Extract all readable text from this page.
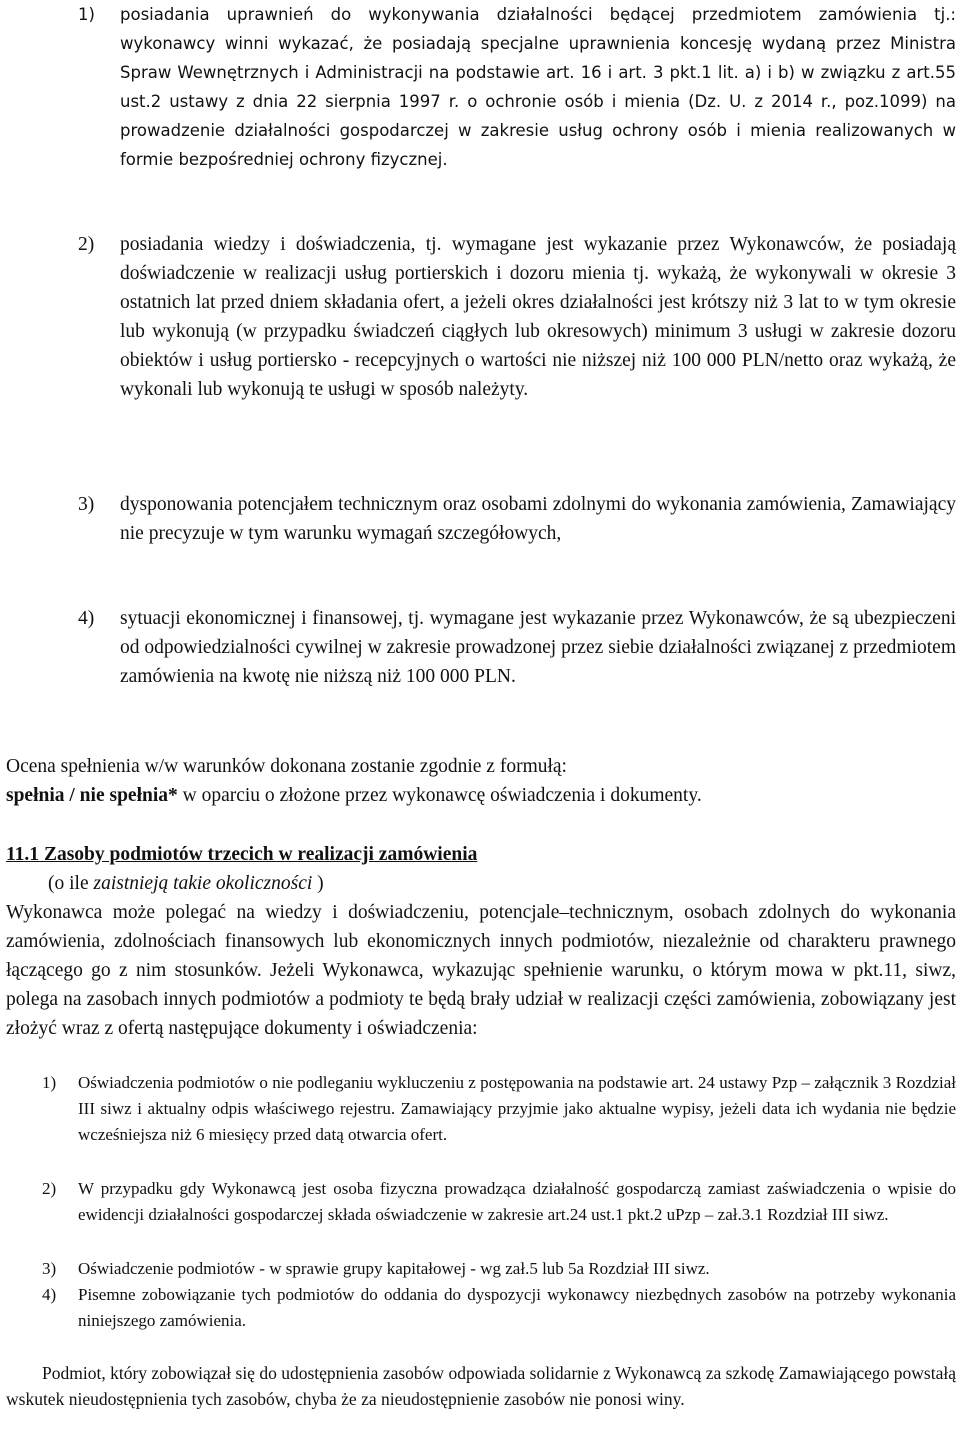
1) posiadania uprawnień do wykonywania działalności będącej przedmiotem zamówienia tj.: wykonawcy winni wykazać, że posiadają specjalne uprawnienia koncesję wydaną przez Ministra Spraw Wewnętrznych i Administracji na podstawie art. 16 i art. 3 pkt.1 lit. a) i b) w związku z art.55 ust.2 ustawy z dnia 22 sierpnia 1997 r. o ochronie osób i mienia (Dz. U. z 2014 r., poz.1099) na prowadzenie działalności gospodarczej w zakresie usług ochrony osób i mienia realizowanych w formie bezpośredniej ochrony fizycznej.
2) posiadania wiedzy i doświadczenia, tj. wymagane jest wykazanie przez Wykonawców, że posiadają doświadczenie w realizacji usług portierskich i dozoru mienia tj. wykażą, że wykonywali w okresie 3 ostatnich lat przed dniem składania ofert, a jeżeli okres działalności jest krótszy niż 3 lat to w tym okresie lub wykonują (w przypadku świadczeń ciągłych lub okresowych) minimum 3 usługi w zakresie dozoru obiektów i usług portiersko - recepcyjnych o wartości nie niższej niż 100 000 PLN/netto oraz wykażą, że wykonali lub wykonują te usługi w sposób należyty.
3) dysponowania potencjałem technicznym oraz osobami zdolnymi do wykonania zamówienia, Zamawiający nie precyzuje w tym warunku wymagań szczegółowych,
4) sytuacji ekonomicznej i finansowej, tj. wymagane jest wykazanie przez Wykonawców, że są ubezpieczeni od odpowiedzialności cywilnej w zakresie prowadzonej przez siebie działalności związanej z przedmiotem zamówienia na kwotę nie niższą niż 100 000 PLN.
Ocena spełnienia w/w warunków dokonana zostanie zgodnie z formułą:
spełnia / nie spełnia* w oparciu o złożone przez wykonawcę oświadczenia i dokumenty.
11.1 Zasoby podmiotów trzecich w realizacji zamówienia
(o ile zaistnieją takie okoliczności )
Wykonawca może polegać na wiedzy i doświadczeniu, potencjale–technicznym, osobach zdolnych do wykonania zamówienia, zdolnościach finansowych lub ekonomicznych innych podmiotów, niezależnie od charakteru prawnego łączącego go z nim stosunków. Jeżeli Wykonawca, wykazując spełnienie warunku, o którym mowa w pkt.11, siwz, polega na zasobach innych podmiotów a podmioty te będą brały udział w realizacji części zamówienia, zobowiązany jest złożyć wraz z ofertą następujące dokumenty i oświadczenia:
1) Oświadczenia podmiotów o nie podleganiu wykluczeniu z postępowania na podstawie art. 24 ustawy Pzp – załącznik 3 Rozdział III siwz i aktualny odpis właściwego rejestru. Zamawiający przyjmie jako aktualne wypisy, jeżeli data ich wydania nie będzie wcześniejsza niż 6 miesięcy przed datą otwarcia ofert.
2) W przypadku gdy Wykonawcą jest osoba fizyczna prowadząca działalność gospodarczą zamiast zaświadczenia o wpisie do ewidencji działalności gospodarczej składa oświadczenie w zakresie art.24 ust.1 pkt.2 uPzp – zał.3.1 Rozdział III siwz.
3) Oświadczenie podmiotów - w sprawie grupy kapitałowej - wg zał.5 lub 5a Rozdział III siwz.
4) Pisemne zobowiązanie tych podmiotów do oddania do dyspozycji wykonawcy niezbędnych zasobów na potrzeby wykonania niniejszego zamówienia.
Podmiot, który zobowiązał się do udostępnienia zasobów odpowiada solidarnie z Wykonawcą za szkodę Zamawiającego powstałą wskutek nieudostępnienia tych zasobów, chyba że za nieudostępnienie zasobów nie ponosi winy.
